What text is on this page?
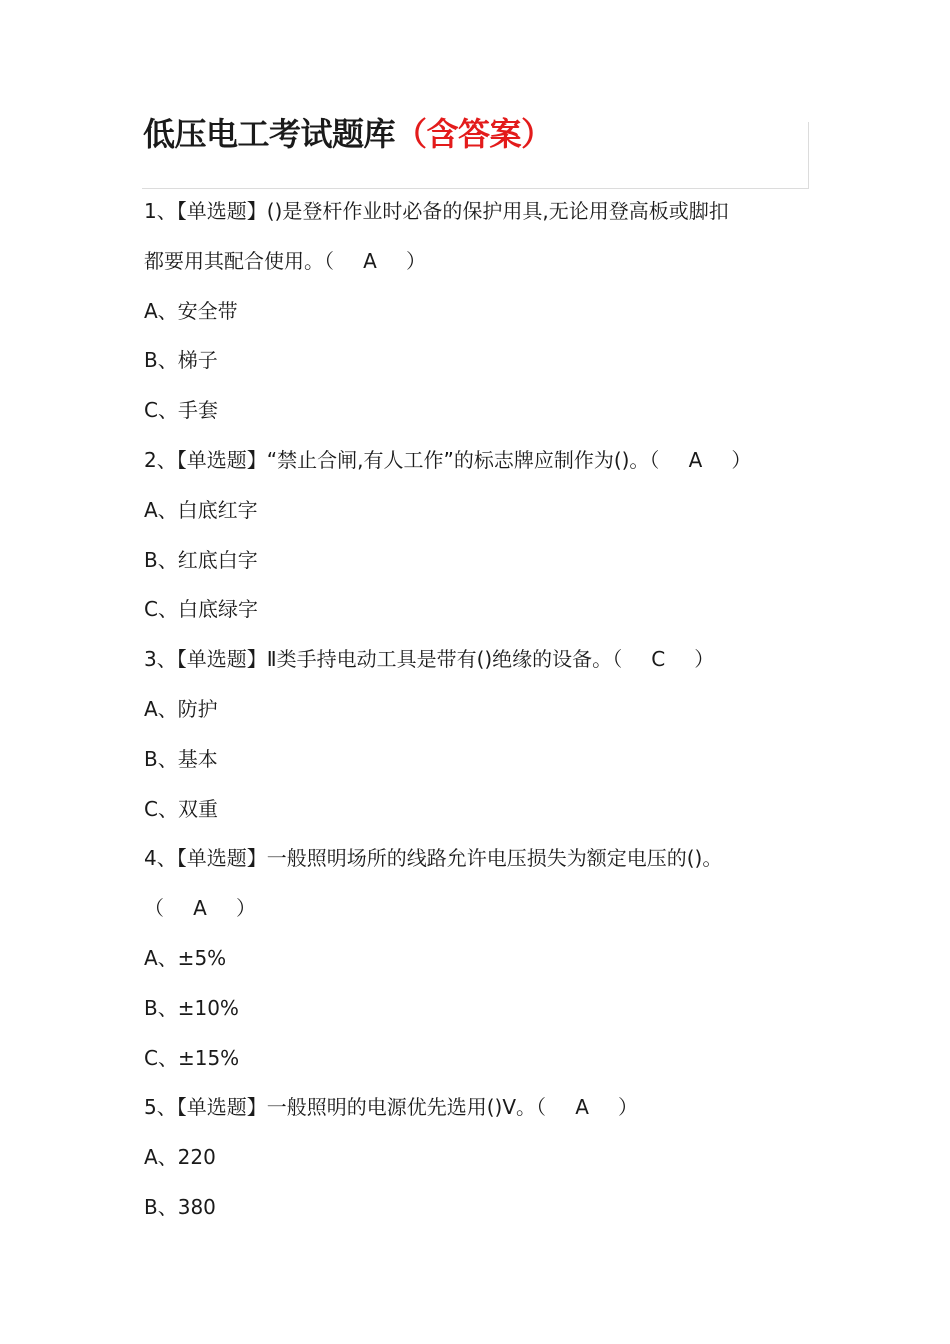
低压电工考试题库（含答案）
1、【单选题】()是登杆作业时必备的保护用具,无论用登高板或脚扣
都要用其配合使用。（ A ）
A、安全带
B、梯子
C、手套
2、【单选题】“禁止合闸,有人工作”的标志牌应制作为()。（ A ）
A、白底红字
B、红底白字
C、白底绿字
3、【单选题】Ⅱ类手持电动工具是带有()绝缘的设备。（ C ）
A、防护
B、基本
C、双重
4、【单选题】一般照明场所的线路允许电压损失为额定电压的()。
（ A ）
A、±5%
B、±10%
C、±15%
5、【单选题】一般照明的电源优先选用()V。（ A ）
A、220
B、380
